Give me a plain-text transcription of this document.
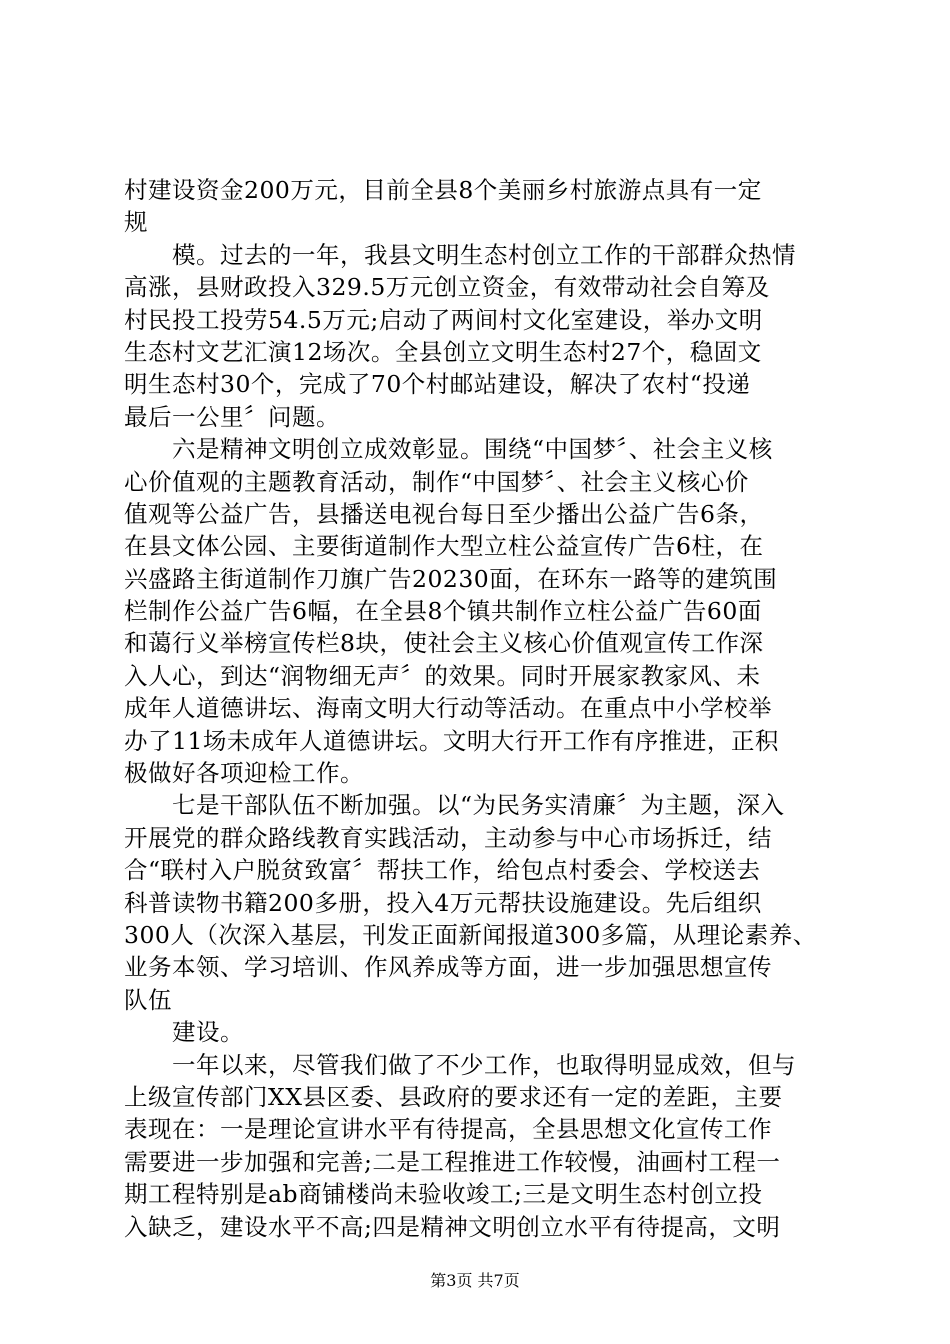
村建设资金200万元，目前全县8个美丽乡村旅游点具有一定
规
模。过去的一年，我县文明生态村创立工作的干部群众热情
高涨，县财政投入329.5万元创立资金，有效带动社会自筹及
村民投工投劳54.5万元;启动了两间村文化室建设，举办文明
生态村文艺汇演12场次。全县创立文明生态村27个，稳固文
明生态村30个，完成了70个村邮站建设，解决了农村“投递
最后一公里〞问题。
六是精神文明创立成效彰显。围绕“中国梦〞、社会主义核
心价值观的主题教育活动，制作“中国梦〞、社会主义核心价
值观等公益广告，县播送电视台每日至少播出公益广告6条，
在县文体公园、主要街道制作大型立柱公益宣传广告6柱，在
兴盛路主街道制作刀旗广告20230面，在环东一路等的建筑围
栏制作公益广告6幅，在全县8个镇共制作立柱公益广告60面
和蔼行义举榜宣传栏8块，使社会主义核心价值观宣传工作深
入人心，到达“润物细无声〞的效果。同时开展家教家风、未
成年人道德讲坛、海南文明大行动等活动。在重点中小学校举
办了11场未成年人道德讲坛。文明大行开工作有序推进，正积
极做好各项迎检工作。
七是干部队伍不断加强。以“为民务实清廉〞为主题，深入
开展党的群众路线教育实践活动，主动参与中心市场拆迁，结
合“联村入户脱贫致富〞帮扶工作，给包点村委会、学校送去
科普读物书籍200多册，投入4万元帮扶设施建设。先后组织
300人（次深入基层，刊发正面新闻报道300多篇，从理论素养、
业务本领、学习培训、作风养成等方面，进一步加强思想宣传
队伍
建设。
一年以来，尽管我们做了不少工作，也取得明显成效，但与
上级宣传部门XX县区委、县政府的要求还有一定的差距，主要
表现在：一是理论宣讲水平有待提高，全县思想文化宣传工作
需要进一步加强和完善;二是工程推进工作较慢，油画村工程一
期工程特别是ab商铺楼尚未验收竣工;三是文明生态村创立投
入缺乏，建设水平不高;四是精神文明创立水平有待提高，文明
第3页 共7页
